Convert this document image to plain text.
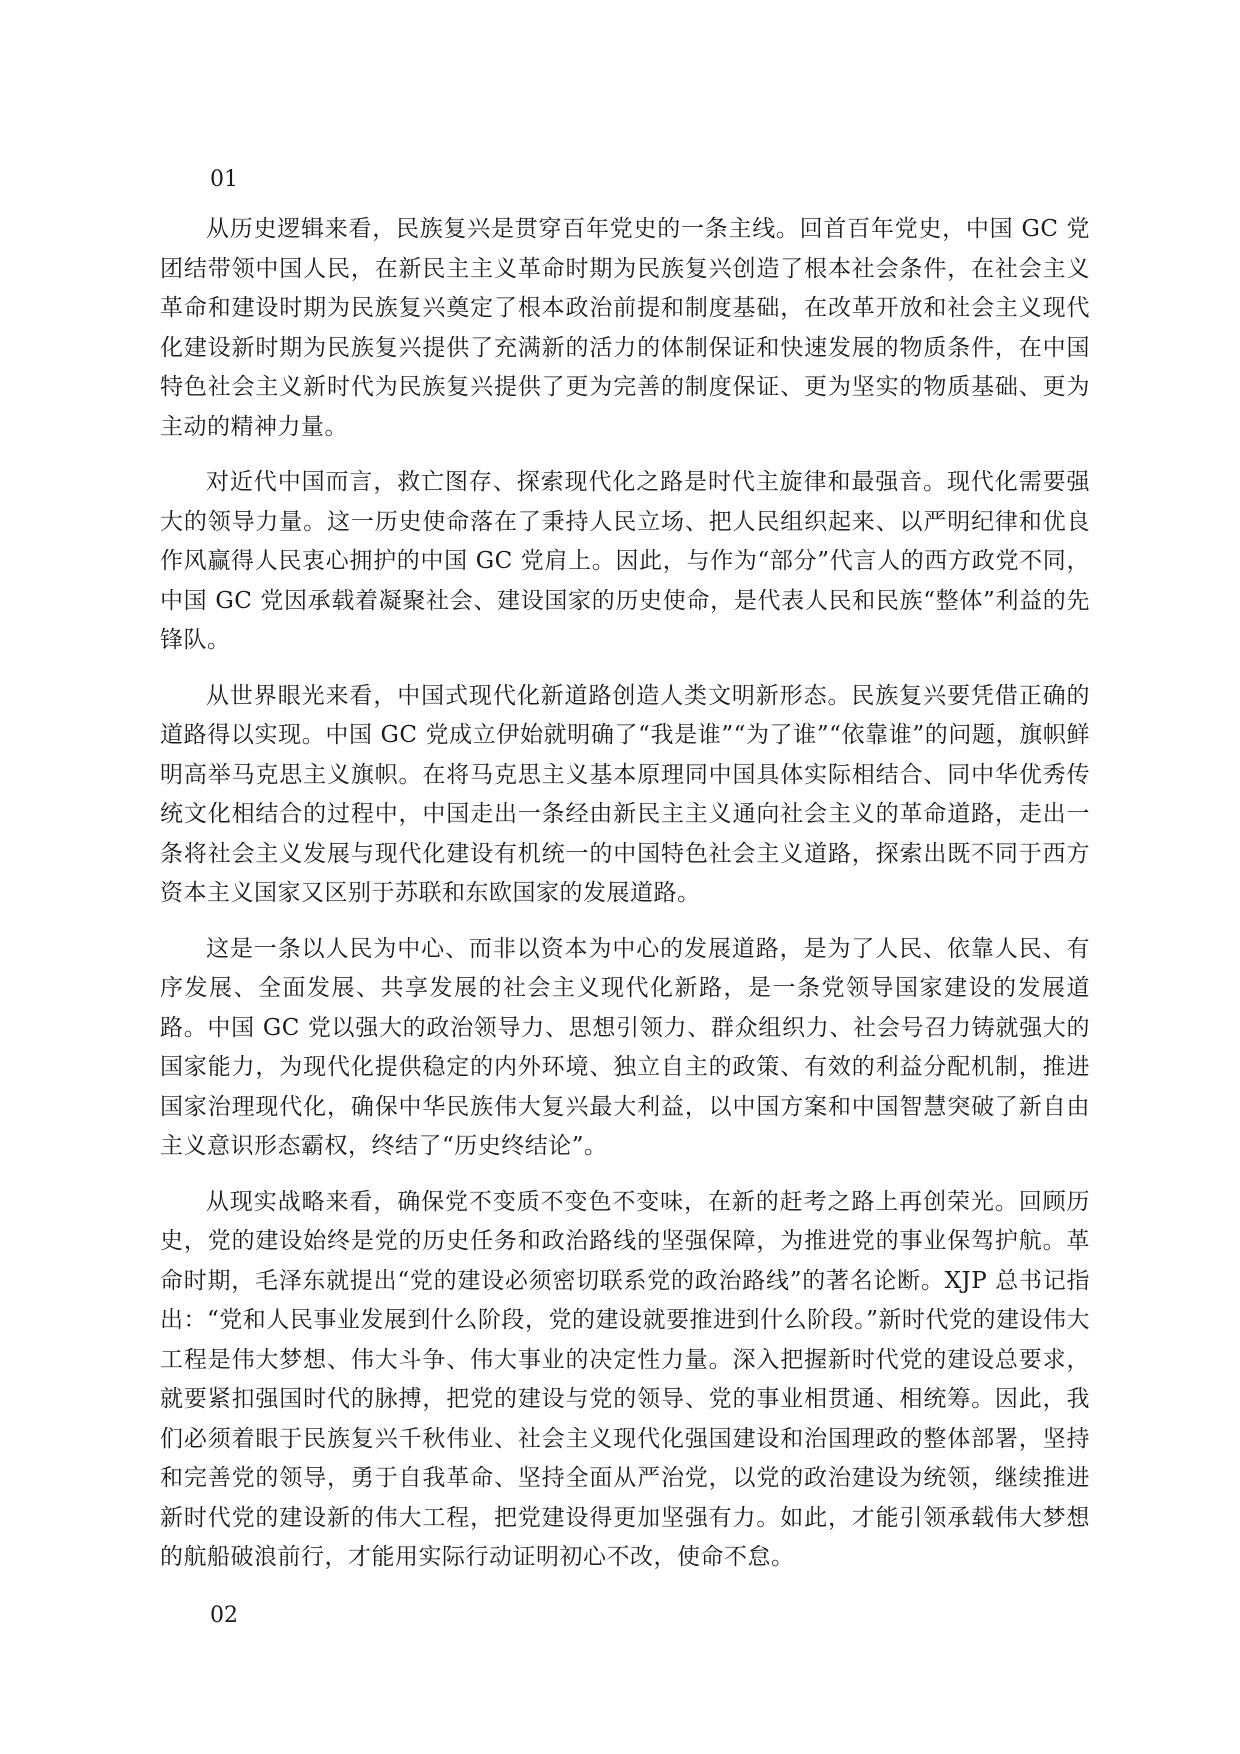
01

从历史逻辑来看，民族复兴是贯穿百年党史的一条主线。回首百年党史，中国 GC 党团结带领中国人民，在新民主主义革命时期为民族复兴创造了根本社会条件，在社会主义革命和建设时期为民族复兴奠定了根本政治前提和制度基础，在改革开放和社会主义现代化建设新时期为民族复兴提供了充满新的活力的体制保证和快速发展的物质条件，在中国特色社会主义新时代为民族复兴提供了更为完善的制度保证、更为坚实的物质基础、更为主动的精神力量。

对近代中国而言，救亡图存、探索现代化之路是时代主旋律和最强音。现代化需要强大的领导力量。这一历史使命落在了秉持人民立场、把人民组织起来、以严明纪律和优良作风赢得人民衷心拥护的中国 GC 党肩上。因此，与作为“部分”代言人的西方政党不同，中国 GC 党因承载着凝聚社会、建设国家的历史使命，是代表人民和民族“整体”利益的先锋队。

从世界眼光来看，中国式现代化新道路创造人类文明新形态。民族复兴要凭借正确的道路得以实现。中国 GC 党成立伊始就明确了“我是谁”“为了谁”“依靠谁”的问题，旗帜鲜明高举马克思主义旗帜。在将马克思主义基本原理同中国具体实际相结合、同中华优秀传统文化相结合的过程中，中国走出一条经由新民主主义通向社会主义的革命道路，走出一条将社会主义发展与现代化建设有机统一的中国特色社会主义道路，探索出既不同于西方资本主义国家又区别于苏联和东欧国家的发展道路。

这是一条以人民为中心、而非以资本为中心的发展道路，是为了人民、依靠人民、有序发展、全面发展、共享发展的社会主义现代化新路，是一条党领导国家建设的发展道路。中国 GC 党以强大的政治领导力、思想引领力、群众组织力、社会号召力铸就强大的国家能力，为现代化提供稳定的内外环境、独立自主的政策、有效的利益分配机制，推进国家治理现代化，确保中华民族伟大复兴最大利益，以中国方案和中国智慧突破了新自由主义意识形态霸权，终结了“历史终结论”。

从现实战略来看，确保党不变质不变色不变味，在新的赶考之路上再创荣光。回顾历史，党的建设始终是党的历史任务和政治路线的坚强保障，为推进党的事业保驾护航。革命时期，毛泽东就提出“党的建设必须密切联系党的政治路线”的著名论断。XJP 总书记指出：“党和人民事业发展到什么阶段，党的建设就要推进到什么阶段。”新时代党的建设伟大工程是伟大梦想、伟大斗争、伟大事业的决定性力量。深入把握新时代党的建设总要求，就要紧扣强国时代的脉搏，把党的建设与党的领导、党的事业相贯通、相统筹。因此，我们必须着眼于民族复兴千秋伟业、社会主义现代化强国建设和治国理政的整体部署，坚持和完善党的领导，勇于自我革命、坚持全面从严治党，以党的政治建设为统领，继续推进新时代党的建设新的伟大工程，把党建设得更加坚强有力。如此，才能引领承载伟大梦想的航船破浪前行，才能用实际行动证明初心不改，使命不怠。

02
